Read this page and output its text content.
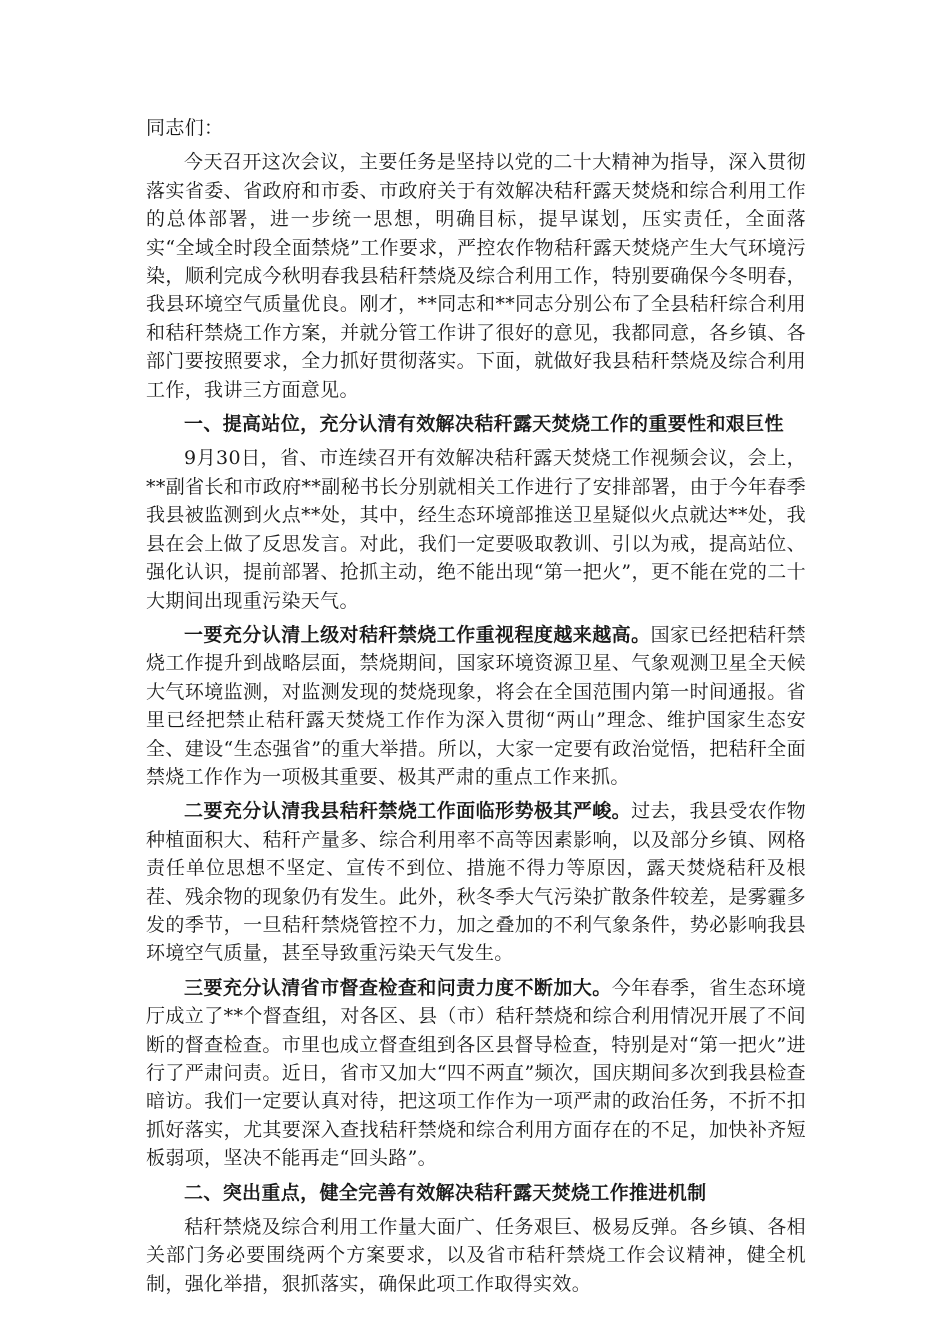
同志们：

今天召开这次会议，主要任务是坚持以党的二十大精神为指导，深入贯彻落实省委、省政府和市委、市政府关于有效解决秸秆露天焚烧和综合利用工作的总体部署，进一步统一思想，明确目标，提早谋划，压实责任，全面落实“全域全时段全面禁烧”工作要求，严控农作物秸秆露天焚烧产生大气环境污染，顺利完成今秋明春我县秸秆禁烧及综合利用工作，特别要确保今冬明春，我县环境空气质量优良。刚才，**同志和**同志分别公布了全县秸秆综合利用和秸秆禁烧工作方案，并就分管工作讲了很好的意见，我都同意，各乡镇、各部门要按照要求，全力抓好贯彻落实。下面，就做好我县秸秆禁烧及综合利用工作，我讲三方面意见。

一、提高站位，充分认清有效解决秸秆露天焚烧工作的重要性和艰巨性

9月30日，省、市连续召开有效解决秸秆露天焚烧工作视频会议，会上，**副省长和市政府**副秘书长分别就相关工作进行了安排部署，由于今年春季我县被监测到火点**处，其中，经生态环境部推送卫星疑似火点就达**处，我县在会上做了反思发言。对此，我们一定要吸取教训、引以为戒，提高站位、强化认识，提前部署、抢抓主动，绝不能出现“第一把火”，更不能在党的二十大期间出现重污染天气。

一要充分认清上级对秸秆禁烧工作重视程度越来越高。国家已经把秸秆禁烧工作提升到战略层面，禁烧期间，国家环境资源卫星、气象观测卫星全天候大气环境监测，对监测发现的焚烧现象，将会在全国范围内第一时间通报。省里已经把禁止秸秆露天焚烧工作作为深入贯彻“两山”理念、维护国家生态安全、建设“生态强省”的重大举措。所以，大家一定要有政治觉悟，把秸秆全面禁烧工作作为一项极其重要、极其严肃的重点工作来抓。

二要充分认清我县秸秆禁烧工作面临形势极其严峻。过去，我县受农作物种植面积大、秸秆产量多、综合利用率不高等因素影响，以及部分乡镇、网格责任单位思想不坚定、宣传不到位、措施不得力等原因，露天焚烧秸秆及根茬、残余物的现象仍有发生。此外，秋冬季大气污染扩散条件较差，是雾霾多发的季节，一旦秸秆禁烧管控不力，加之叠加的不利气象条件，势必影响我县环境空气质量，甚至导致重污染天气发生。

三要充分认清省市督查检查和问责力度不断加大。今年春季，省生态环境厅成立了**个督查组，对各区、县（市）秸秆禁烧和综合利用情况开展了不间断的督查检查。市里也成立督查组到各区县督导检查，特别是对“第一把火”进行了严肃问责。近日，省市又加大“四不两直”频次，国庆期间多次到我县检查暗访。我们一定要认真对待，把这项工作作为一项严肃的政治任务，不折不扣抓好落实，尤其要深入查找秸秆禁烧和综合利用方面存在的不足，加快补齐短板弱项，坚决不能再走“回头路”。

二、突出重点，健全完善有效解决秸秆露天焚烧工作推进机制

秸秆禁烧及综合利用工作量大面广、任务艰巨、极易反弹。各乡镇、各相关部门务必要围绕两个方案要求，以及省市秸秆禁烧工作会议精神，健全机制，强化举措，狠抓落实，确保此项工作取得实效。
